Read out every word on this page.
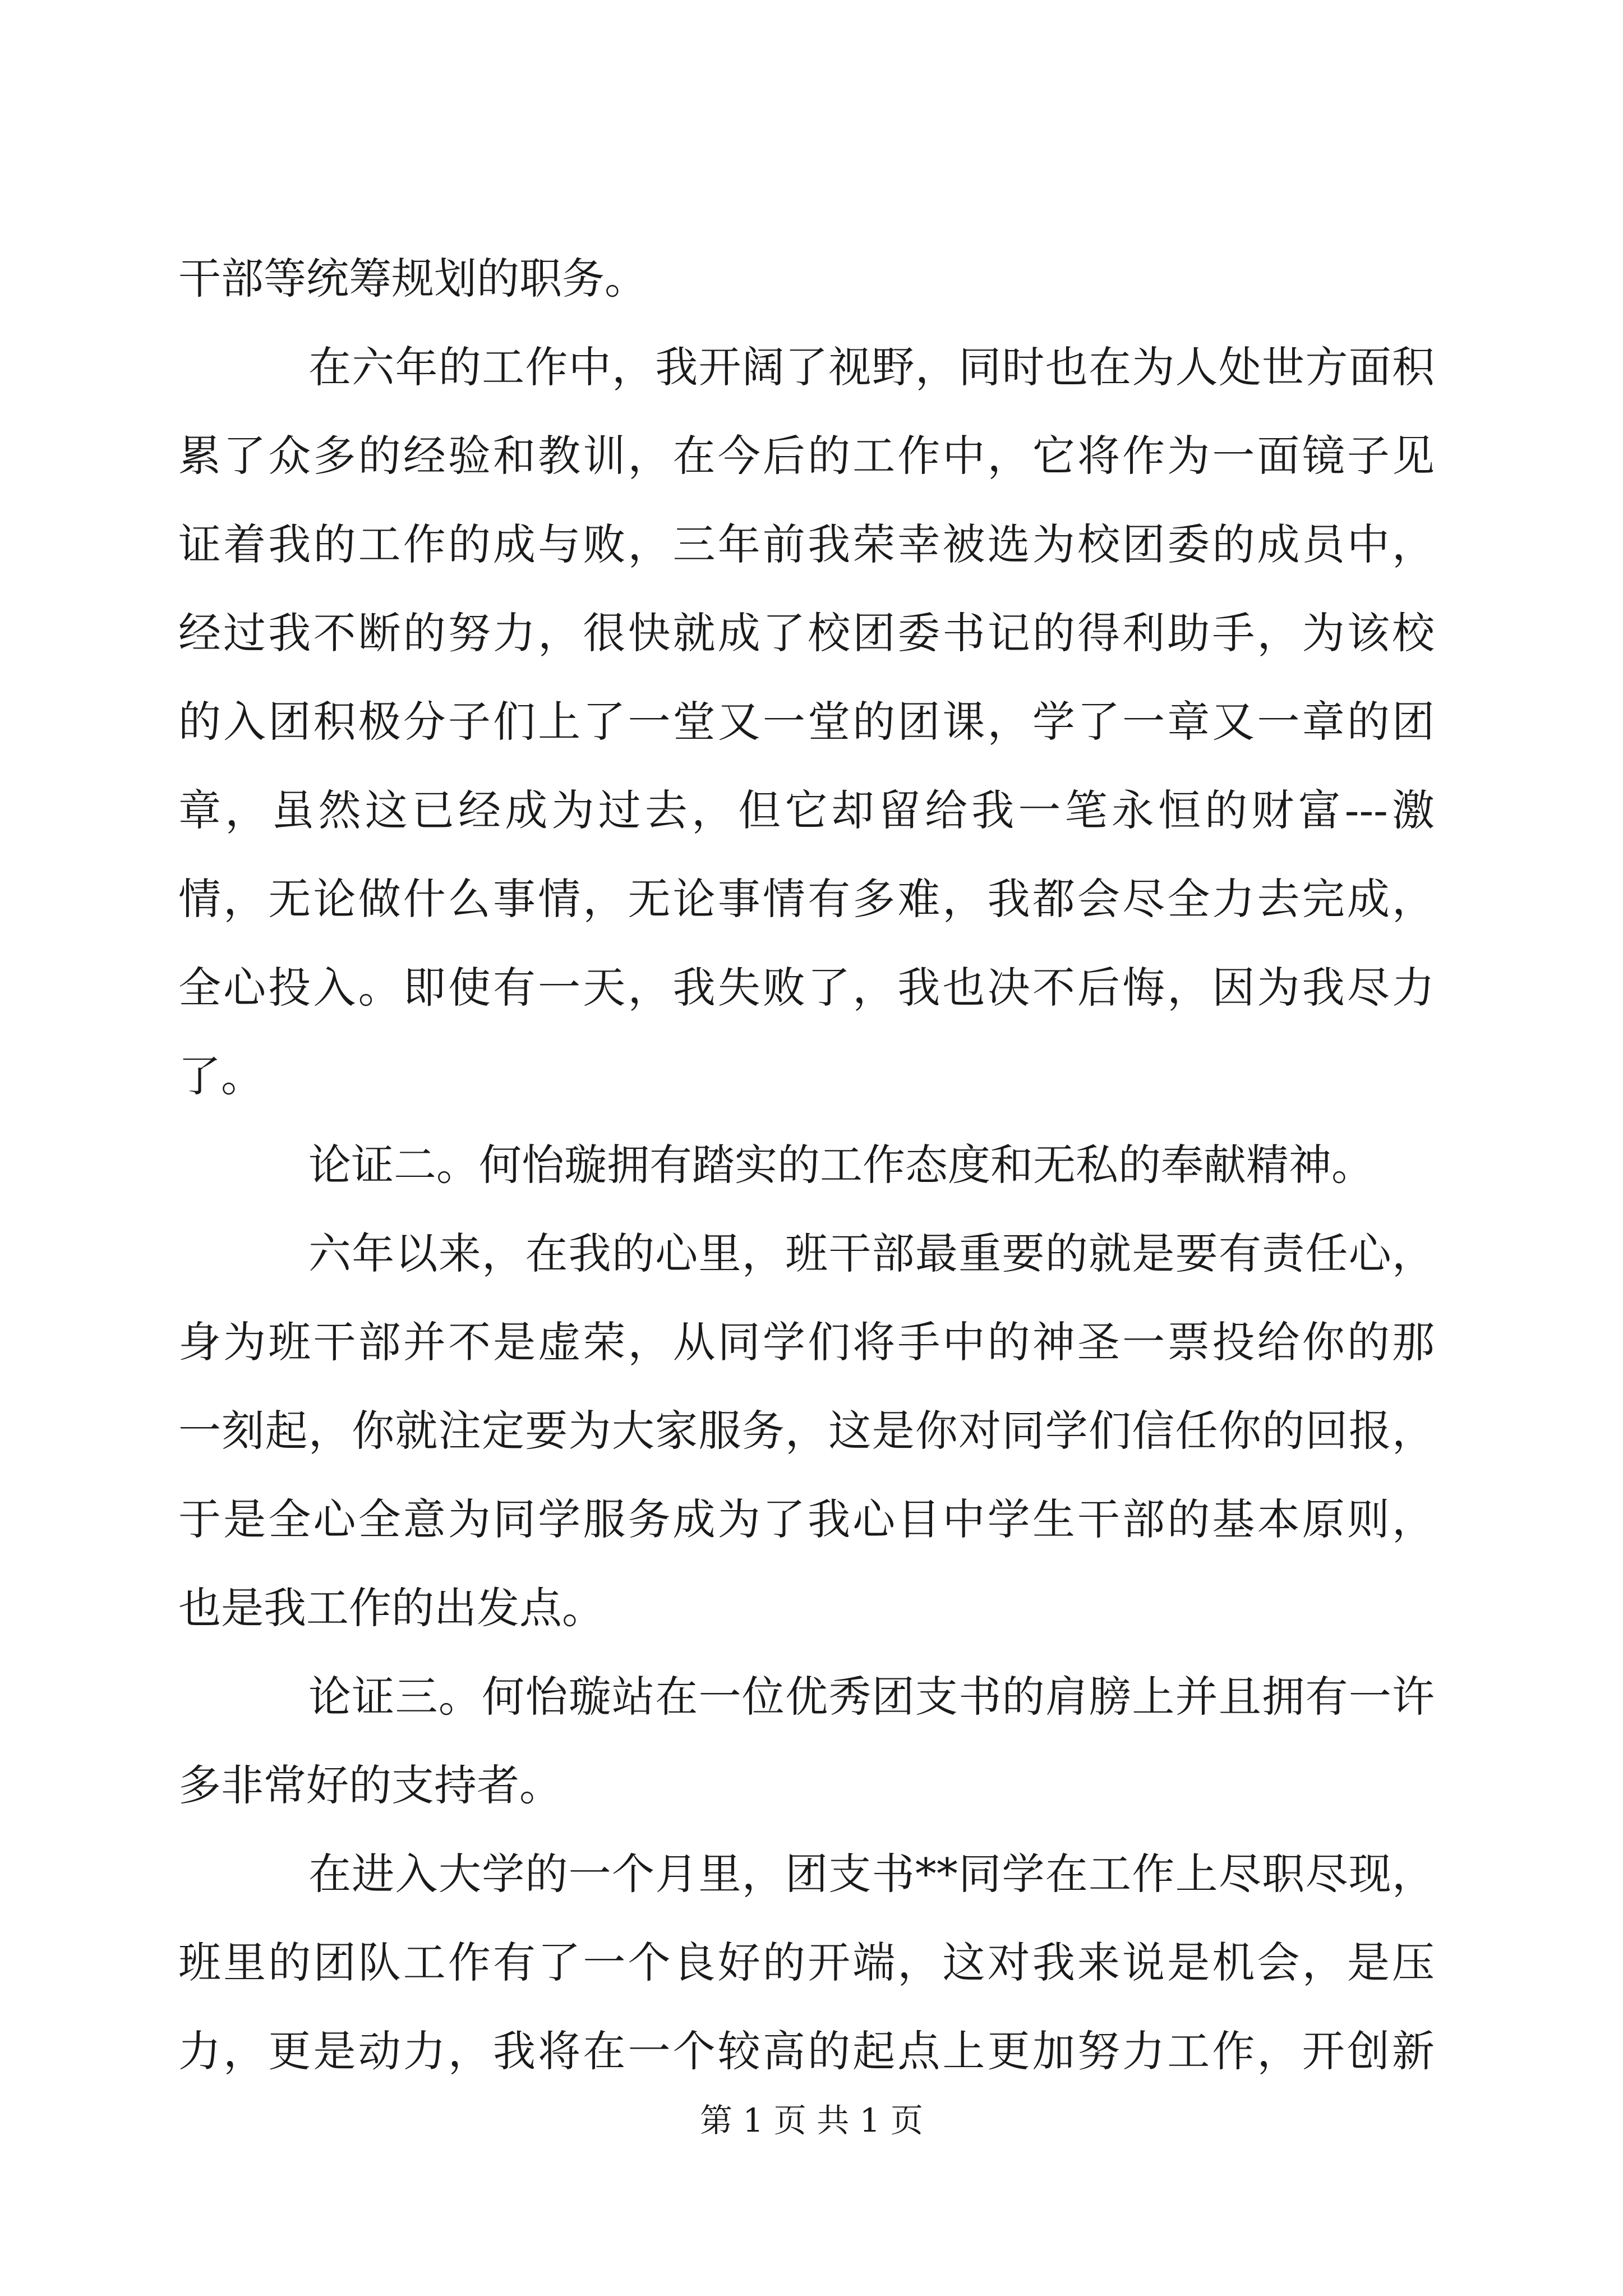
干部等统筹规划的职务。
在六年的工作中，我开阔了视野，同时也在为人处世方面积
累了众多的经验和教训，在今后的工作中，它将作为一面镜子见
证着我的工作的成与败，三年前我荣幸被选为校团委的成员中，
经过我不断的努力，很快就成了校团委书记的得利助手，为该校
的入团积极分子们上了一堂又一堂的团课，学了一章又一章的团
章，虽然这已经成为过去，但它却留给我一笔永恒的财富---激
情，无论做什么事情，无论事情有多难，我都会尽全力去完成，
全心投入。即使有一天，我失败了，我也决不后悔，因为我尽力
了。
论证二。何怡璇拥有踏实的工作态度和无私的奉献精神。
六年以来，在我的心里，班干部最重要的就是要有责任心，
身为班干部并不是虚荣，从同学们将手中的神圣一票投给你的那
一刻起，你就注定要为大家服务，这是你对同学们信任你的回报，
于是全心全意为同学服务成为了我心目中学生干部的基本原则，
也是我工作的出发点。
论证三。何怡璇站在一位优秀团支书的肩膀上并且拥有一许
多非常好的支持者。
在进入大学的一个月里，团支书**同学在工作上尽职尽现，
班里的团队工作有了一个良好的开端，这对我来说是机会，是压
力，更是动力，我将在一个较高的起点上更加努力工作，开创新
第 1 页 共 1 页
